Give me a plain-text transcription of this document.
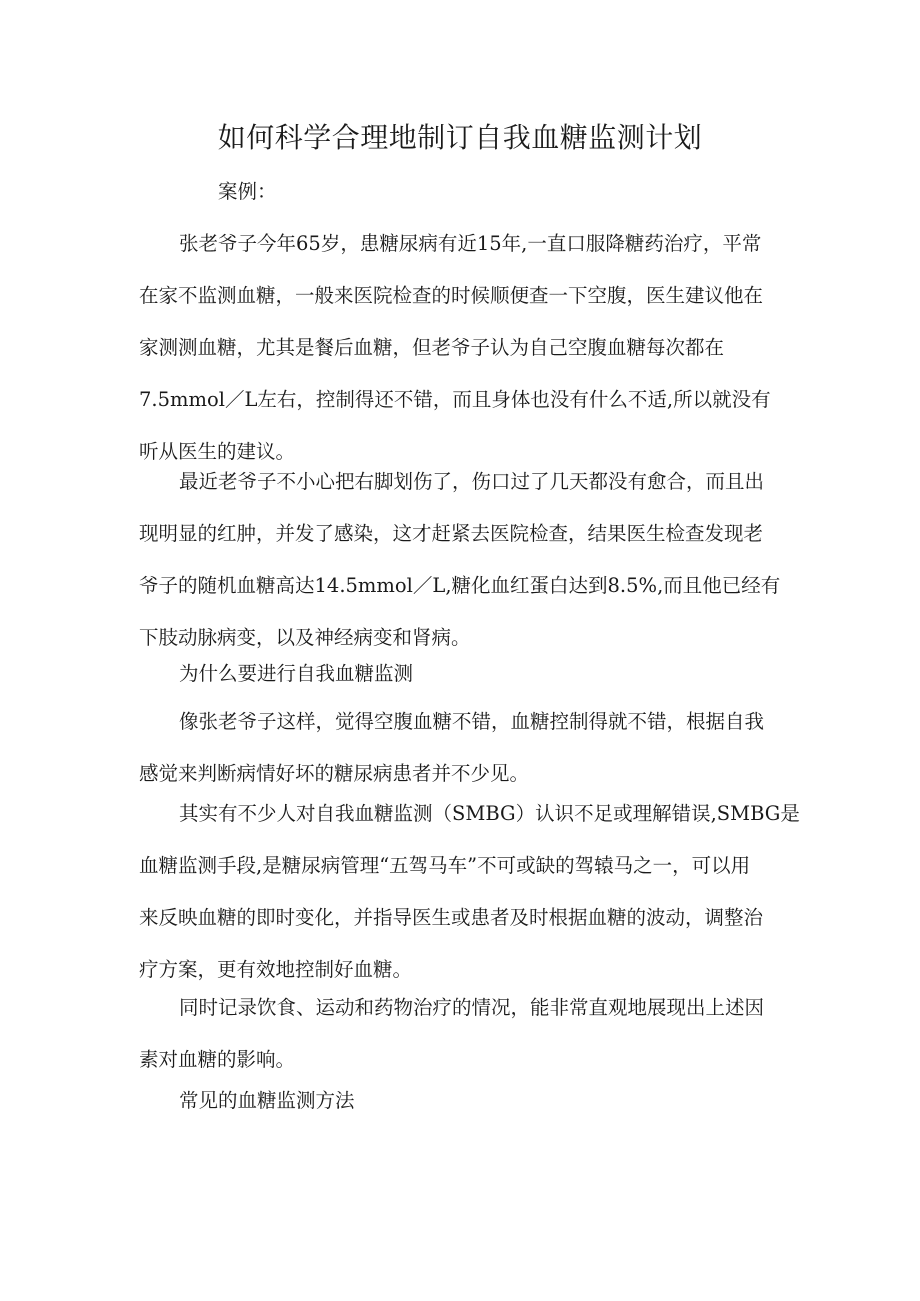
如何科学合理地制订自我血糖监测计划

案例：

张老爷子今年65岁，患糖尿病有近15年,一直口服降糖药治疗，平常
在家不监测血糖，一般来医院检查的时候顺便查一下空腹，医生建议他在
家测测血糖，尤其是餐后血糖，但老爷子认为自己空腹血糖每次都在
7.5mmol／L左右，控制得还不错，而且身体也没有什么不适,所以就没有
听从医生的建议。
最近老爷子不小心把右脚划伤了，伤口过了几天都没有愈合，而且出
现明显的红肿，并发了感染，这才赶紧去医院检查，结果医生检查发现老
爷子的随机血糖高达14.5mmol／L,糖化血红蛋白达到8.5%,而且他已经有
下肢动脉病变，以及神经病变和肾病。
为什么要进行自我血糖监测
像张老爷子这样，觉得空腹血糖不错，血糖控制得就不错，根据自我
感觉来判断病情好坏的糖尿病患者并不少见。
其实有不少人对自我血糖监测（SMBG）认识不足或理解错误,SMBG是
血糖监测手段,是糖尿病管理“五驾马车”不可或缺的驾辕马之一，可以用
来反映血糖的即时变化，并指导医生或患者及时根据血糖的波动，调整治
疗方案，更有效地控制好血糖。
同时记录饮食、运动和药物治疗的情况，能非常直观地展现出上述因
素对血糖的影响。
常见的血糖监测方法
